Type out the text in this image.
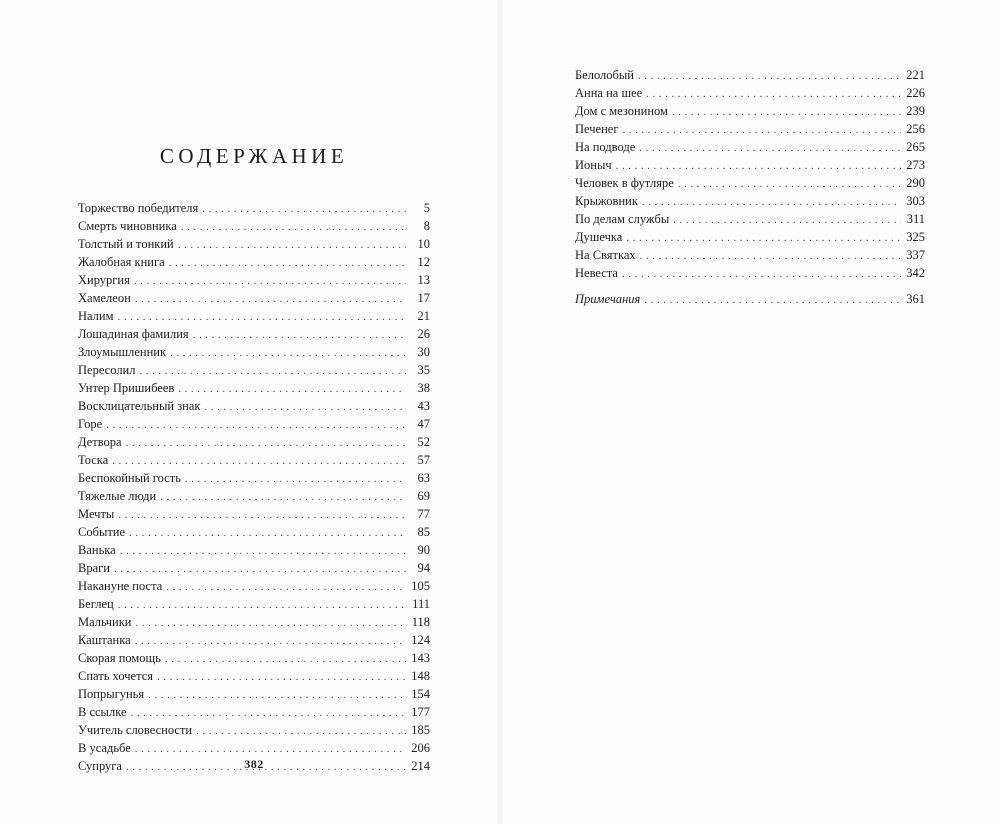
СОДЕРЖАНИЕ
Торжество победителя . . .	5
Смерть чиновника . . .	8
Толстый и тонкий . . .	10
Жалобная книга . . .	12
Хирургия . . .	13
Хамелеон . . .	17
Налим . . .	21
Лошадиная фамилия . . .	26
Злоумышленник . . .	30
Пересолил . . .	35
Унтер Пришибеев . . .	38
Восклицательный знак . . .	43
Горе . . .	47
Детвора . . .	52
Тоска . . .	57
Беспокойный гость . . .	63
Тяжелые люди . . .	69
Мечты . . .	77
Событие . . .	85
Ванька . . .	90
Враги . . .	94
Накануне поста . . .	105
Беглец . . .	111
Мальчики . . .	118
Каштанка . . .	124
Скорая помощь . . .	143
Спать хочется . . .	148
Попрыгунья . . .	154
В ссылке . . .	177
Учитель словесности . . .	185
В усадьбе . . .	206
Супруга . . .	214
382
Белолобый . . .	221
Анна на шее . . .	226
Дом с мезонином . . .	239
Печенег . . .	256
На подводе . . .	265
Ионыч . . .	273
Человек в футляре . . .	290
Крыжовник . . .	303
По делам службы . . .	311
Душечка . . .	325
На Святках . . .	337
Невеста . . .	342
Примечания . . .	361
